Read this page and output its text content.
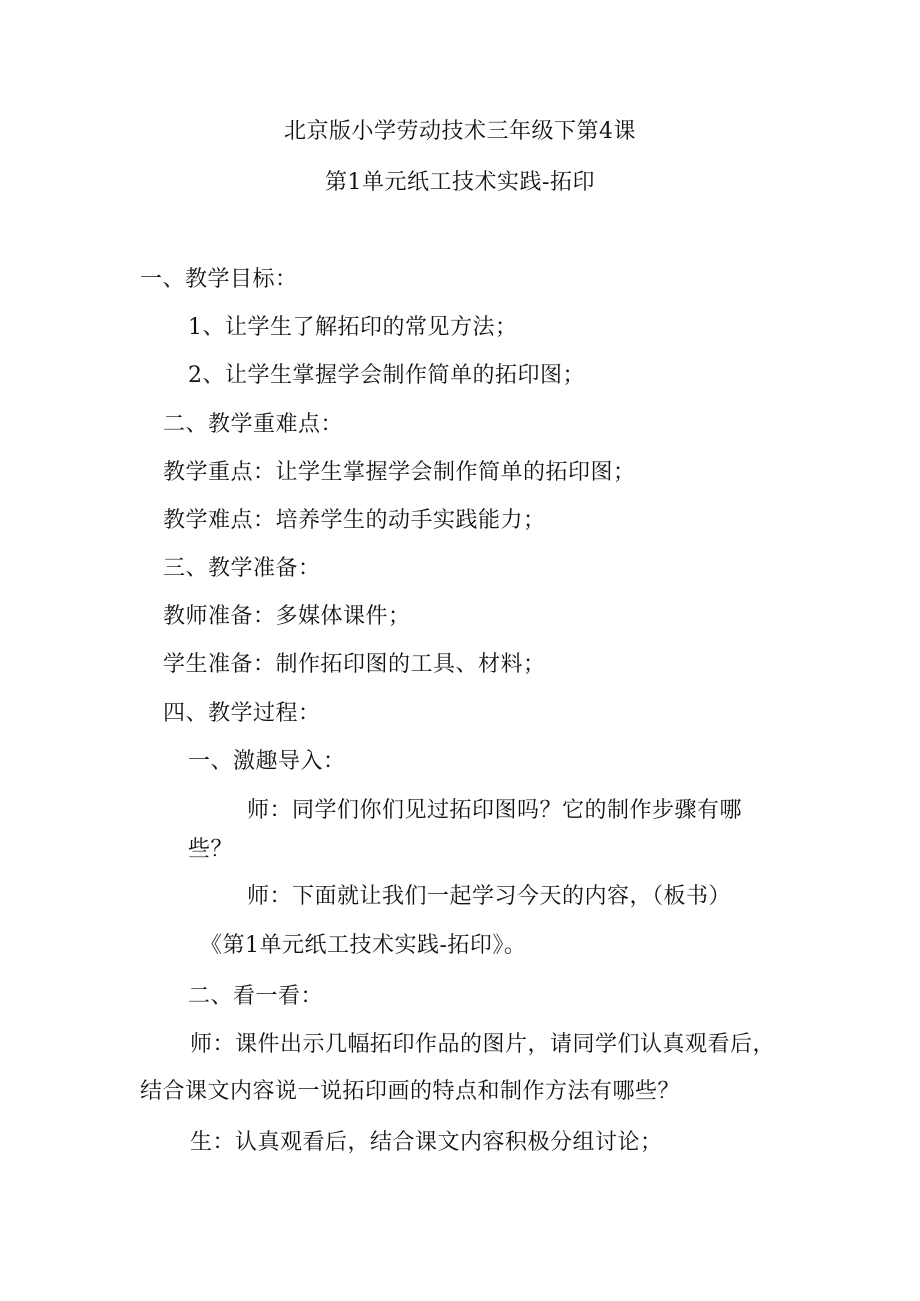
北京版小学劳动技术三年级下第4课
第1单元纸工技术实践-拓印
一、教学目标：
1、让学生了解拓印的常见方法；
2、让学生掌握学会制作简单的拓印图；
二、教学重难点：
教学重点：让学生掌握学会制作简单的拓印图；
教学难点：培养学生的动手实践能力；
三、教学准备：
教师准备：多媒体课件；
学生准备：制作拓印图的工具、材料；
四、教学过程：
一、激趣导入：
师：同学们你们见过拓印图吗？它的制作步骤有哪
些？
师：下面就让我们一起学习今天的内容，（板书）
《第1单元纸工技术实践-拓印》。
二、看一看：
师：课件出示几幅拓印作品的图片，请同学们认真观看后，
结合课文内容说一说拓印画的特点和制作方法有哪些？
生：认真观看后，结合课文内容积极分组讨论；
